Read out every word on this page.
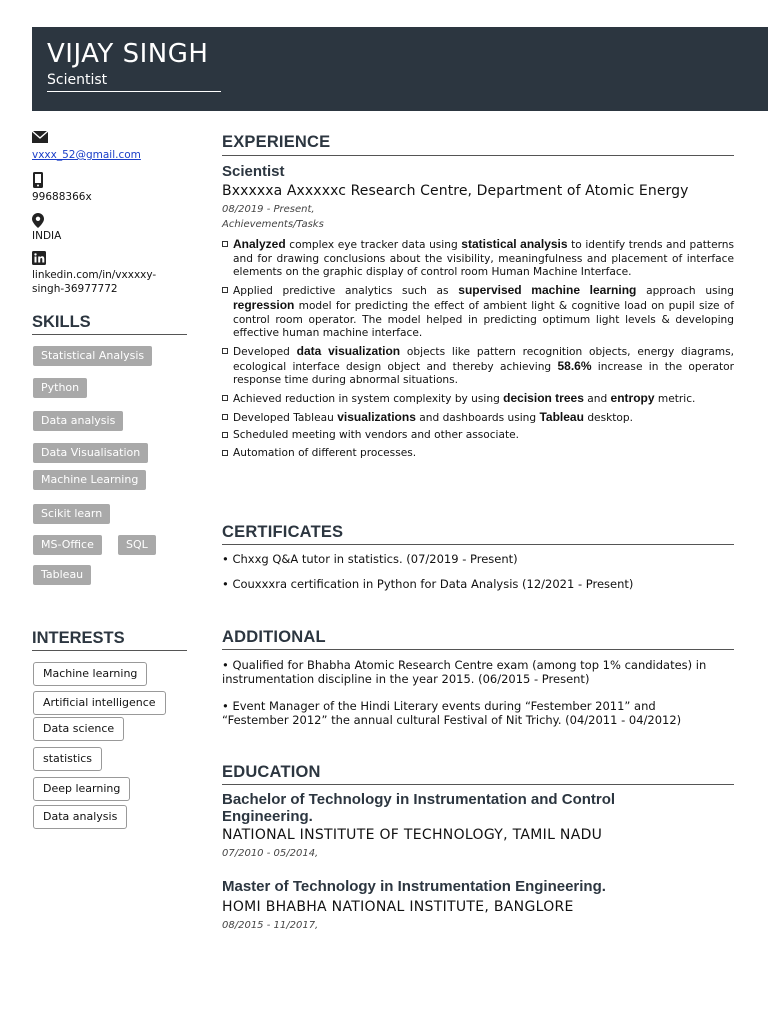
VIJAY SINGH
Scientist
vxxx_52@gmail.com
99688366x
INDIA
linkedin.com/in/vxxxxy-
singh-36977772
SKILLS
Statistical Analysis
Python
Data analysis
Data Visualisation
Machine Learning
Scikit learn
MS-Office	SQL
Tableau
INTERESTS
Machine learning
Artificial intelligence
Data science
statistics
Deep learning
Data analysis
EXPERIENCE
Scientist
Bxxxxxa Axxxxxc Research Centre, Department of Atomic Energy
08/2019 - Present,
Achievements/Tasks
Analyzed complex eye tracker data using statistical analysis to identify trends and patterns and for drawing conclusions about the visibility, meaningfulness and placement of interface elements on the graphic display of control room Human Machine Interface.
Applied predictive analytics such as supervised machine learning approach using regression model for predicting the effect of ambient light & cognitive load on pupil size of control room operator. The model helped in predicting optimum light levels & developing effective human machine interface.
Developed data visualization objects like pattern recognition objects, energy diagrams, ecological interface design object and thereby achieving 58.6% increase in the operator response time during abnormal situations.
Achieved reduction in system complexity by using decision trees and entropy metric.
Developed Tableau visualizations and dashboards using Tableau desktop.
Scheduled meeting with vendors and other associate.
Automation of different processes.
CERTIFICATES
• Chxxg Q&A tutor in statistics. (07/2019 - Present)
• Couxxxra certification in Python for Data Analysis (12/2021 - Present)
ADDITIONAL
• Qualified for Bhabha Atomic Research Centre exam (among top 1% candidates) in instrumentation discipline in the year 2015. (06/2015 - Present)
• Event Manager of the Hindi Literary events during “Festember 2011” and “Festember 2012” the annual cultural Festival of Nit Trichy. (04/2011 - 04/2012)
EDUCATION
Bachelor of Technology in Instrumentation and Control Engineering.
NATIONAL INSTITUTE OF TECHNOLOGY, TAMIL NADU
07/2010 - 05/2014,
Master of Technology in Instrumentation Engineering.
HOMI BHABHA NATIONAL INSTITUTE, BANGLORE
08/2015 - 11/2017,
